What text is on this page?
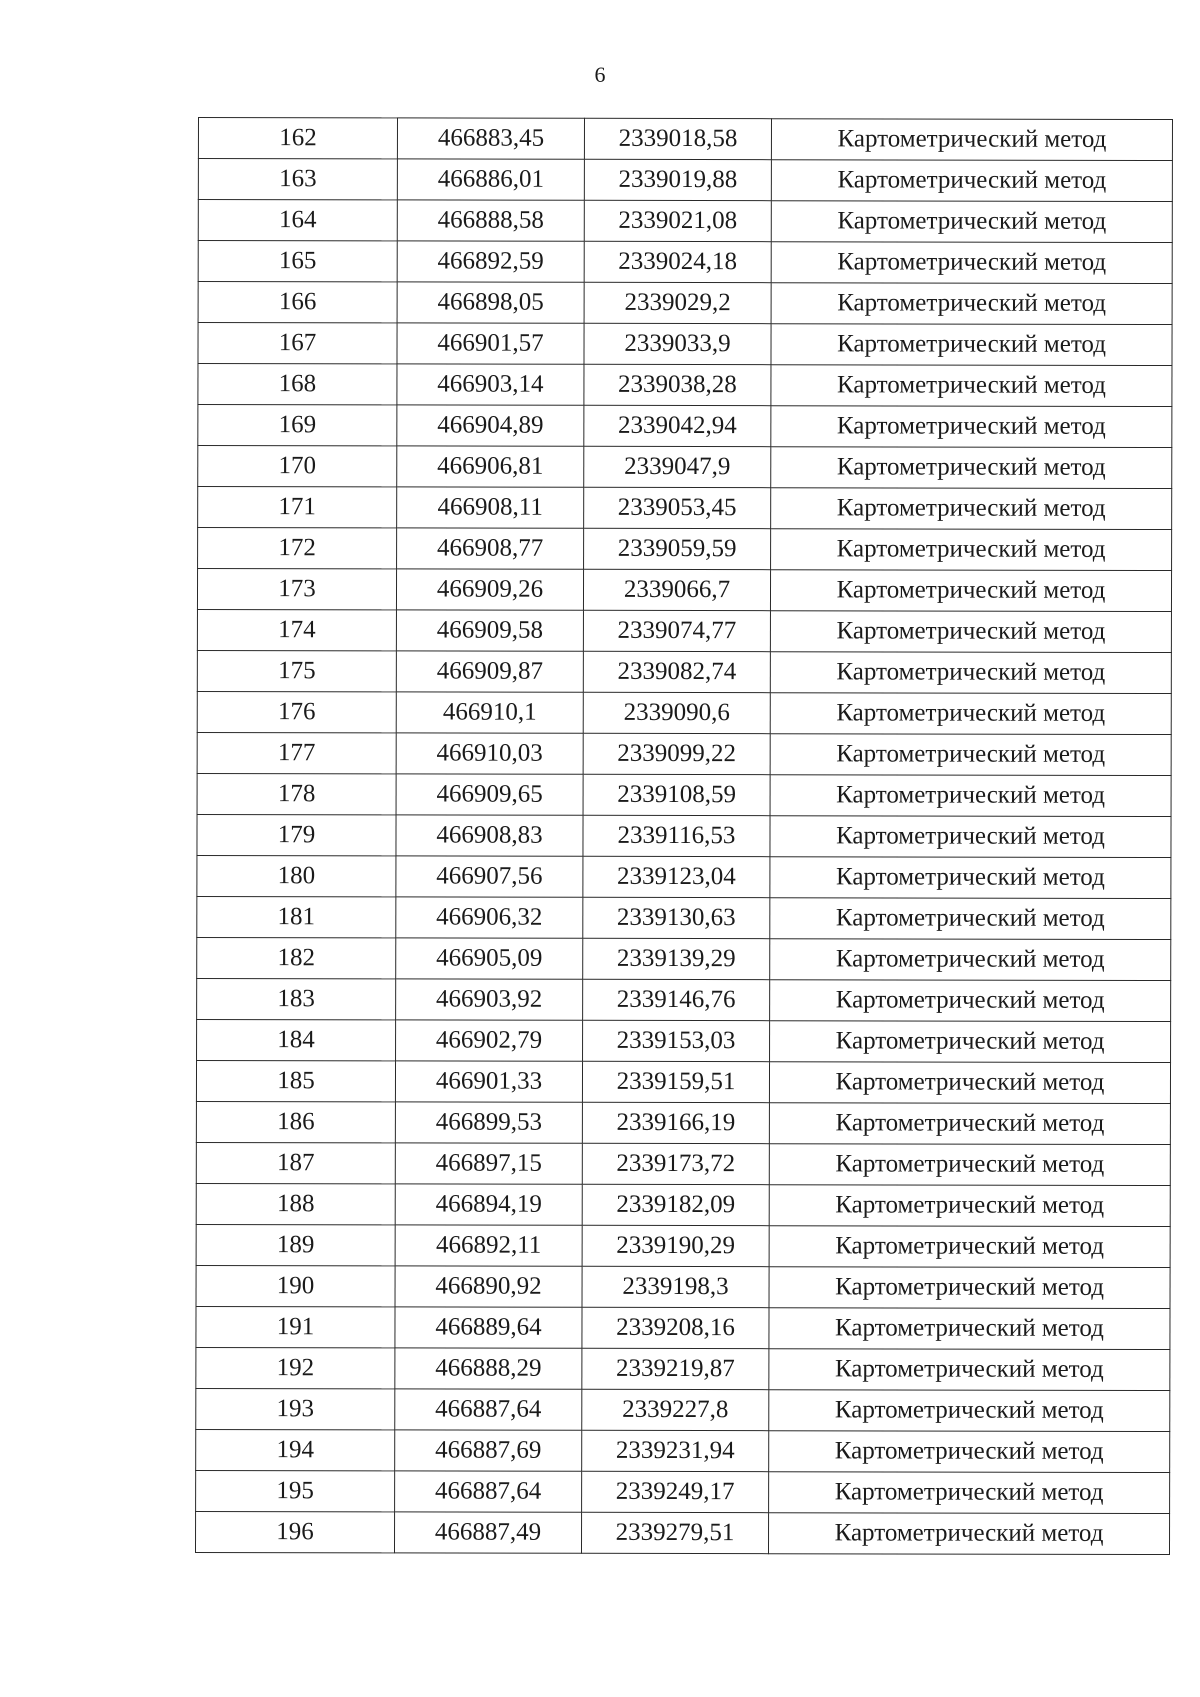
6
162	466883,45	2339018,58	Картометрический метод
163	466886,01	2339019,88	Картометрический метод
164	466888,58	2339021,08	Картометрический метод
165	466892,59	2339024,18	Картометрический метод
166	466898,05	2339029,2	Картометрический метод
167	466901,57	2339033,9	Картометрический метод
168	466903,14	2339038,28	Картометрический метод
169	466904,89	2339042,94	Картометрический метод
170	466906,81	2339047,9	Картометрический метод
171	466908,11	2339053,45	Картометрический метод
172	466908,77	2339059,59	Картометрический метод
173	466909,26	2339066,7	Картометрический метод
174	466909,58	2339074,77	Картометрический метод
175	466909,87	2339082,74	Картометрический метод
176	466910,1	2339090,6	Картометрический метод
177	466910,03	2339099,22	Картометрический метод
178	466909,65	2339108,59	Картометрический метод
179	466908,83	2339116,53	Картометрический метод
180	466907,56	2339123,04	Картометрический метод
181	466906,32	2339130,63	Картометрический метод
182	466905,09	2339139,29	Картометрический метод
183	466903,92	2339146,76	Картометрический метод
184	466902,79	2339153,03	Картометрический метод
185	466901,33	2339159,51	Картометрический метод
186	466899,53	2339166,19	Картометрический метод
187	466897,15	2339173,72	Картометрический метод
188	466894,19	2339182,09	Картометрический метод
189	466892,11	2339190,29	Картометрический метод
190	466890,92	2339198,3	Картометрический метод
191	466889,64	2339208,16	Картометрический метод
192	466888,29	2339219,87	Картометрический метод
193	466887,64	2339227,8	Картометрический метод
194	466887,69	2339231,94	Картометрический метод
195	466887,64	2339249,17	Картометрический метод
196	466887,49	2339279,51	Картометрический метод
